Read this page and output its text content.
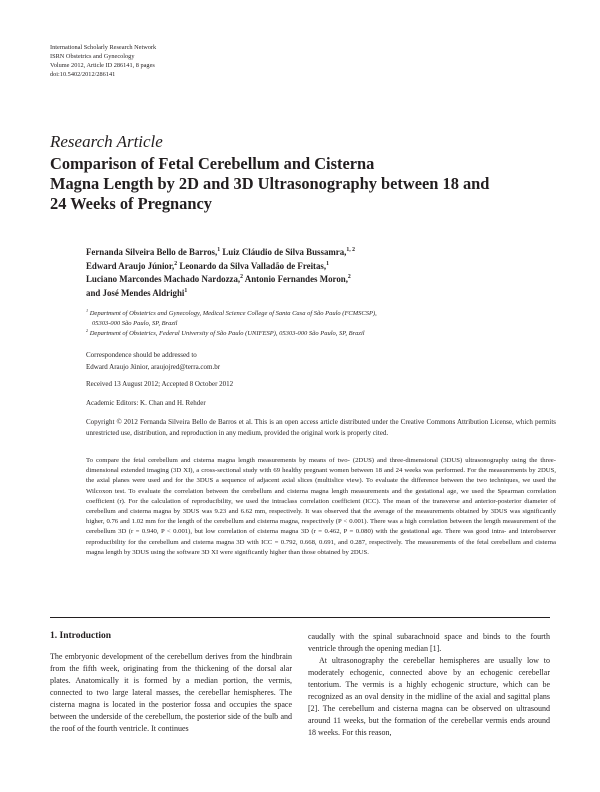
International Scholarly Research Network
ISRN Obstetrics and Gynecology
Volume 2012, Article ID 286141, 8 pages
doi:10.5402/2012/286141
Research Article
Comparison of Fetal Cerebellum and Cisterna
Magna Length by 2D and 3D Ultrasonography between 18 and
24 Weeks of Pregnancy
Fernanda Silveira Bello de Barros,$^1$ Luiz Cláudio de Silva Bussamra,$^{1, 2}$
Edward Araujo Júnior,$^2$ Leonardo da Silva Valladão de Freitas,$^1$
Luciano Marcondes Machado Nardozza,$^2$ Antonio Fernandes Moron,$^2$
and José Mendes Aldrighi$^1$
$^1$ Department of Obstetrics and Gynecology, Medical Science College of Santa Casa of São Paulo (FCMSCSP),
05303-000 São Paulo, SP, Brazil
$^2$ Department of Obstetrics, Federal University of São Paulo (UNIFESP), 05303-000 São Paulo, SP, Brazil
Correspondence should be addressed to
Edward Araujo Júnior, araujojred@terra.com.br
Received 13 August 2012; Accepted 8 October 2012
Academic Editors: K. Chan and H. Rehder
Copyright © 2012 Fernanda Silveira Bello de Barros et al. This is an open access article distributed under the Creative Commons Attribution License, which permits unrestricted use, distribution, and reproduction in any medium, provided the original work is properly cited.

To compare the fetal cerebellum and cisterna magna length measurements by means of two- (2DUS) and three-dimensional (3DUS) ultrasonography using the three-dimensional extended imaging (3D XI), a cross-sectional study with 69 healthy pregnant women between 18 and 24 weeks was performed. For the measurements by 2DUS, the axial planes were used and for the 3DUS a sequence of adjacent axial slices (multislice view). To evaluate the difference between the two techniques, we used the Wilcoxon test. To evaluate the correlation between the cerebellum and cisterna magna length measurements and the gestational age, we used the Spearman correlation coefficient (r). For the calculation of reproducibility, we used the intraclass correlation coefficient (ICC). The mean of the transverse and anterior-posterior diameter of cerebellum and cisterna magna by 3DUS was 9.23 and 6.62 mm, respectively. It was observed that the average of the measurements obtained by 3DUS was significantly higher, 0.76 and 1.02 mm for the length of the cerebellum and cisterna magna, respectively (P < 0.001). There was a high correlation between the length measurement of the cerebellum 3D (r = 0.940, P < 0.001), but low correlation of cisterna magna 3D (r = 0.462, P = 0.080) with the gestational age. There was good intra- and interobserver reproducibility for the cerebellum and cisterna magna 3D with ICC = 0.792, 0.668, 0.691, and 0.287, respectively. The measurements of the fetal cerebellum and cisterna magna length by 3DUS using the software 3D XI were significantly higher than those obtained by 2DUS.

1. Introduction

The embryonic development of the cerebellum derives from the hindbrain from the fifth week, originating from the thickening of the dorsal alar plates. Anatomically it is formed by a median portion, the vermis, connected to two large lateral masses, the cerebellar hemispheres. The cisterna magna is located in the posterior fossa and occupies the space between the underside of the cerebellum, the posterior side of the bulb and the roof of the fourth ventricle. It continues

caudally with the spinal subarachnoid space and binds to the fourth ventricle through the opening median [1].

At ultrasonography the cerebellar hemispheres are usually low to moderately echogenic, connected above by an echogenic cerebellar tentorium. The vermis is a highly echogenic structure, which can be recognized as an oval density in the midline of the axial and sagittal plans [2]. The cerebellum and cisterna magna can be observed on ultrasound around 11 weeks, but the formation of the cerebellar vermis ends around 18 weeks. For this reason,
